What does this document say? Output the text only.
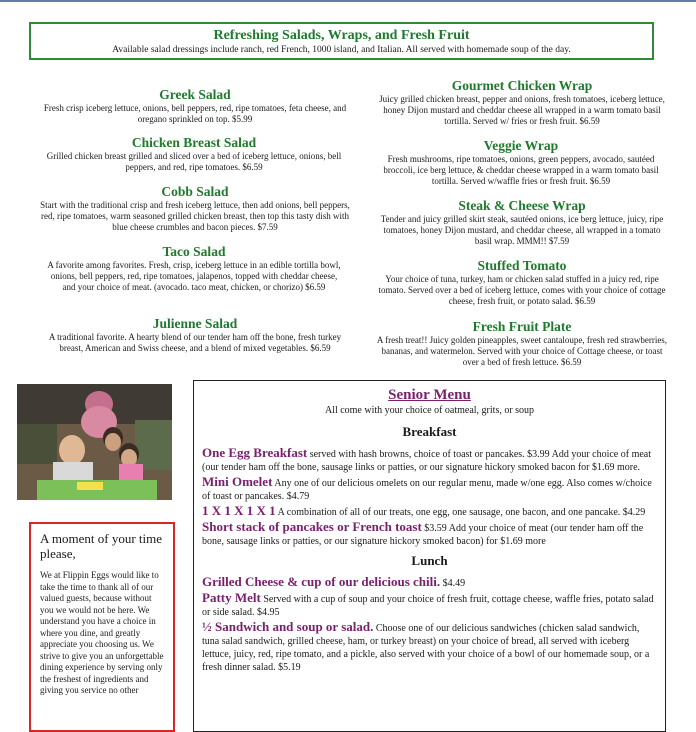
Refreshing Salads, Wraps, and Fresh Fruit
Available salad dressings include ranch, red French, 1000 island, and Italian. All served with homemade soup of the day.
Greek Salad

Fresh crisp iceberg lettuce, onions, bell peppers, red, ripe tomatoes, feta cheese, and oregano sprinkled on top. $5.99

Chicken Breast Salad

Grilled chicken breast grilled and sliced over a bed of iceberg lettuce, onions, bell peppers, and red, ripe tomatoes. $6.59

Cobb Salad

Start with the traditional crisp and fresh iceberg lettuce, then add onions, bell peppers, red, ripe tomatoes, warm seasoned grilled chicken breast, then top this tasty dish with blue cheese crumbles and bacon pieces. $7.59

Taco Salad

A favorite among favorites. Fresh, crisp, iceberg lettuce in an edible tortilla bowl, onions, bell peppers, red, ripe tomatoes, jalapenos, topped with cheddar cheese, and your choice of meat. (avocado. taco meat, chicken, or chorizo) $6.59

Julienne Salad

A traditional favorite. A hearty blend of our tender ham off the bone, fresh turkey breast, American and Swiss cheese, and a blend of mixed vegetables. $6.59

Gourmet Chicken Wrap

Juicy grilled chicken breast, pepper and onions, fresh tomatoes, iceberg lettuce, honey Dijon mustard and cheddar cheese all wrapped in a warm tomato basil tortilla. Served w/ fries or fresh fruit. $6.59

Veggie Wrap

Fresh mushrooms, ripe tomatoes, onions, green peppers, avocado, sautéed broccoli, ice berg lettuce, & cheddar cheese wrapped in a warm tomato basil tortilla. Served w/waffle fries or fresh fruit. $6.59

Steak & Cheese Wrap

Tender and juicy grilled skirt steak, sautéed onions, ice berg lettuce, juicy, ripe tomatoes, honey Dijon mustard, and cheddar cheese, all wrapped in a tomato basil wrap. MMM!! $7.59

Stuffed Tomato

Your choice of tuna, turkey, ham or chicken salad stuffed in a juicy red, ripe tomato. Served over a bed of iceberg lettuce, comes with your choice of cottage cheese, fresh fruit, or potato salad. $6.59

Fresh Fruit Plate

A fresh treat!! Juicy golden pineapples, sweet cantaloupe, fresh red strawberries, bananas, and watermelon. Served with your choice of Cottage cheese, or toast over a bed of fresh lettuce. $6.59

A moment of your time please,
We at Flippin Eggs would like to take the time to thank all of our valued guests, because without you we would not be here. We understand you have a choice in where you dine, and greatly appreciate you choosing us. We strive to give you an unforgettable dining experience by serving only the freshest of ingredients and giving you service no other
Senior Menu
All come with your choice of oatmeal, grits, or soup
Breakfast
One Egg Breakfast served with hash browns, choice of toast or pancakes. $3.99 Add your choice of meat (our tender ham off the bone, sausage links or patties, or our signature hickory smoked bacon for $1.69 more.
Mini Omelet Any one of our delicious omelets on our regular menu, made w/one egg. Also comes w/choice of toast or pancakes. $4.79
1 X 1 X 1 X 1 A combination of all of our treats, one egg, one sausage, one bacon, and one pancake. $4.29
Short stack of pancakes or French toast $3.59 Add your choice of meat (our tender ham off the bone, sausage links or patties, or our signature hickory smoked bacon) for $1.69 more
Lunch
Grilled Cheese & cup of our delicious chili. $4.49
Patty Melt Served with a cup of soup and your choice of fresh fruit, cottage cheese, waffle fries, potato salad or side salad. $4.95
½ Sandwich and soup or salad. Choose one of our delicious sandwiches (chicken salad sandwich, tuna salad sandwich, grilled cheese, ham, or turkey breast) on your choice of bread, all served with iceberg lettuce, juicy, red, ripe tomato, and a pickle, also served with your choice of a bowl of our homemade soup, or a fresh dinner salad. $5.19
